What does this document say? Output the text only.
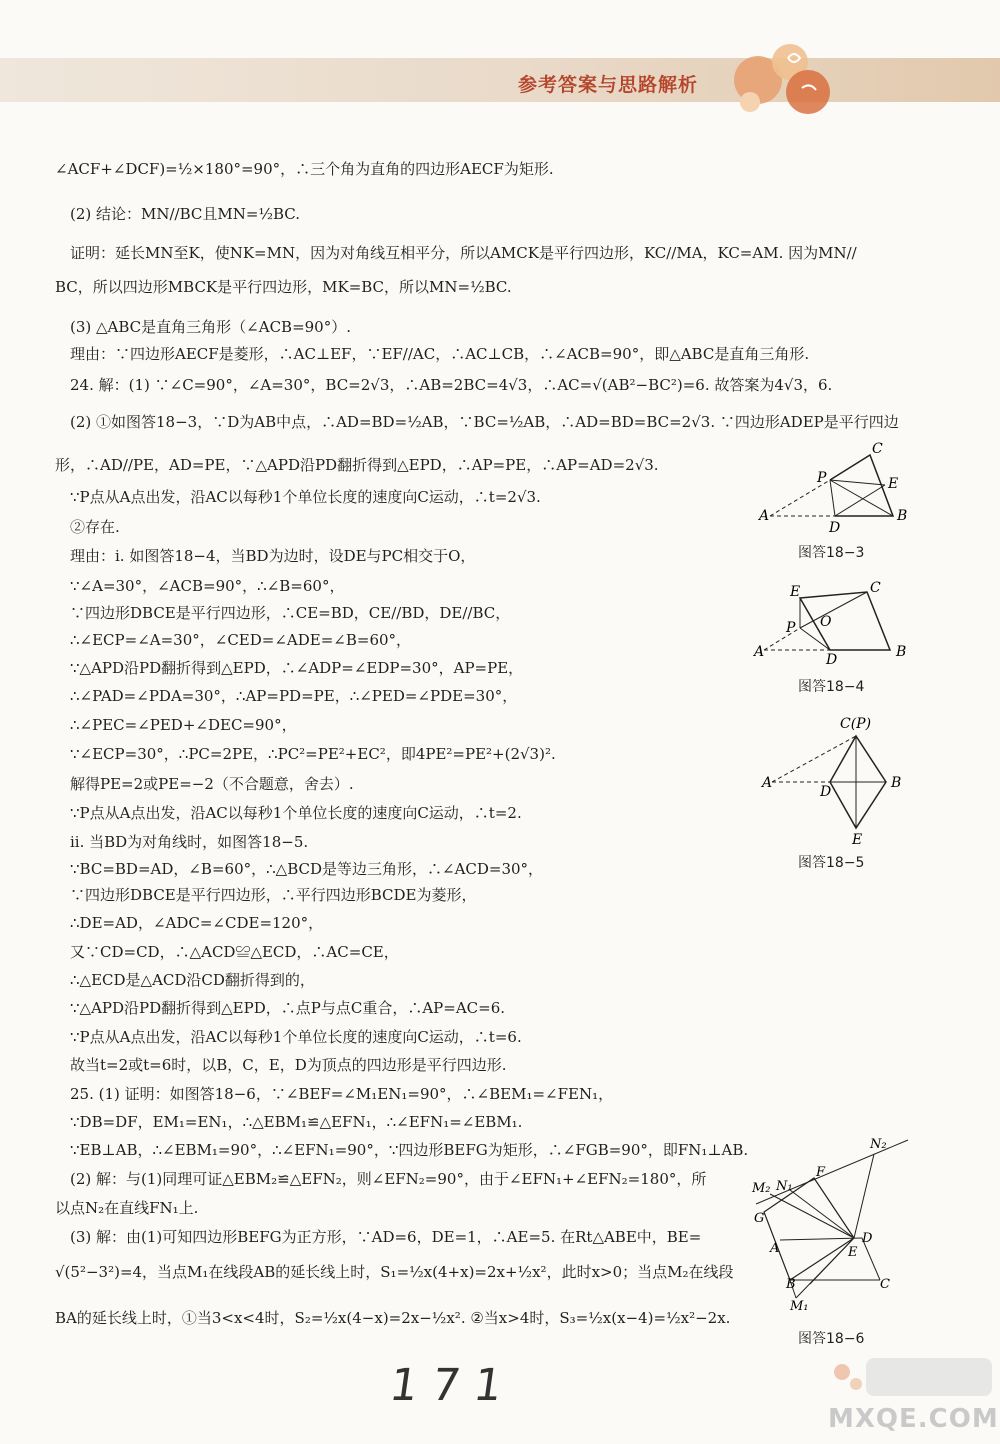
参考答案与思路解析
∠ACF+∠DCF)=½×180°=90°，∴三个角为直角的四边形AECF为矩形.
(2) 结论：MN//BC且MN=½BC.
证明：延长MN至K，使NK=MN，因为对角线互相平分，所以AMCK是平行四边形，KC//MA，KC=AM. 因为MN//
BC，所以四边形MBCK是平行四边形，MK=BC，所以MN=½BC.
(3) △ABC是直角三角形（∠ACB=90°）.
理由：∵四边形AECF是菱形，∴AC⊥EF，∵EF//AC，∴AC⊥CB，∴∠ACB=90°，即△ABC是直角三角形.
24. 解：(1) ∵∠C=90°，∠A=30°，BC=2√3，∴AB=2BC=4√3，∴AC=√(AB²−BC²)=6. 故答案为4√3，6.
(2) ①如图答18−3，∵D为AB中点，∴AD=BD=½AB，∵BC=½AB，∴AD=BD=BC=2√3. ∵四边形ADEP是平行四边
形，∴AD//PE，AD=PE，∵△APD沿PD翻折得到△EPD，∴AP=PE，∴AP=AD=2√3.
∵P点从A点出发，沿AC以每秒1个单位长度的速度向C运动，∴t=2√3.
②存在.
理由：i. 如图答18−4，当BD为边时，设DE与PC相交于O，
∵∠A=30°，∠ACB=90°，∴∠B=60°，
∵四边形DBCE是平行四边形，∴CE=BD，CE//BD，DE//BC，
∴∠ECP=∠A=30°，∠CED=∠ADE=∠B=60°，
∵△APD沿PD翻折得到△EPD，∴∠ADP=∠EDP=30°，AP=PE，
∴∠PAD=∠PDA=30°，∴AP=PD=PE，∴∠PED=∠PDE=30°，
∴∠PEC=∠PED+∠DEC=90°，
∵∠ECP=30°，∴PC=2PE，∴PC²=PE²+EC²，即4PE²=PE²+(2√3)².
解得PE=2或PE=−2（不合题意，舍去）.
∵P点从A点出发，沿AC以每秒1个单位长度的速度向C运动，∴t=2.
ii. 当BD为对角线时，如图答18−5.
∵BC=BD=AD，∠B=60°，∴△BCD是等边三角形，∴∠ACD=30°，
∵四边形DBCE是平行四边形，∴平行四边形BCDE为菱形，
∴DE=AD，∠ADC=∠CDE=120°，
又∵CD=CD，∴△ACD≌△ECD，∴AC=CE，
∴△ECD是△ACD沿CD翻折得到的，
∵△APD沿PD翻折得到△EPD，∴点P与点C重合，∴AP=AC=6.
∵P点从A点出发，沿AC以每秒1个单位长度的速度向C运动，∴t=6.
故当t=2或t=6时，以B，C，E，D为顶点的四边形是平行四边形.
25. (1) 证明：如图答18−6，∵∠BEF=∠M₁EN₁=90°，∴∠BEM₁=∠FEN₁，
∵DB=DF，EM₁=EN₁，∴△EBM₁≌△EFN₁，∴∠EFN₁=∠EBM₁.
∵EB⊥AB，∴∠EBM₁=90°，∴∠EFN₁=90°，∵四边形BEFG为矩形，∴∠FGB=90°，即FN₁⊥AB.
(2) 解：与(1)同理可证△EBM₂≌△EFN₂，则∠EFN₂=90°，由于∠EFN₁+∠EFN₂=180°，所
以点N₂在直线FN₁上.
(3) 解：由(1)可知四边形BEFG为正方形，∵AD=6，DE=1，∴AE=5. 在Rt△ABE中，BE=
√(5²−3²)=4，当点M₁在线段AB的延长线上时，S₁=½x(4+x)=2x+½x²，此时x>0；当点M₂在线段
BA的延长线上时，①当3<x<4时，S₂=½x(4−x)=2x−½x². ②当x>4时，S₃=½x(x−4)=½x²−2x.
C
P	E
A
D
B
图答18−3
E	C
P O
A	D	B
图答18−4
C(P)
A
D
B
E
图答18−5
N₂
F
M₂ N₁
G
D
A	E
B	C
M₁
图答18−6
171
MXQE.COM
